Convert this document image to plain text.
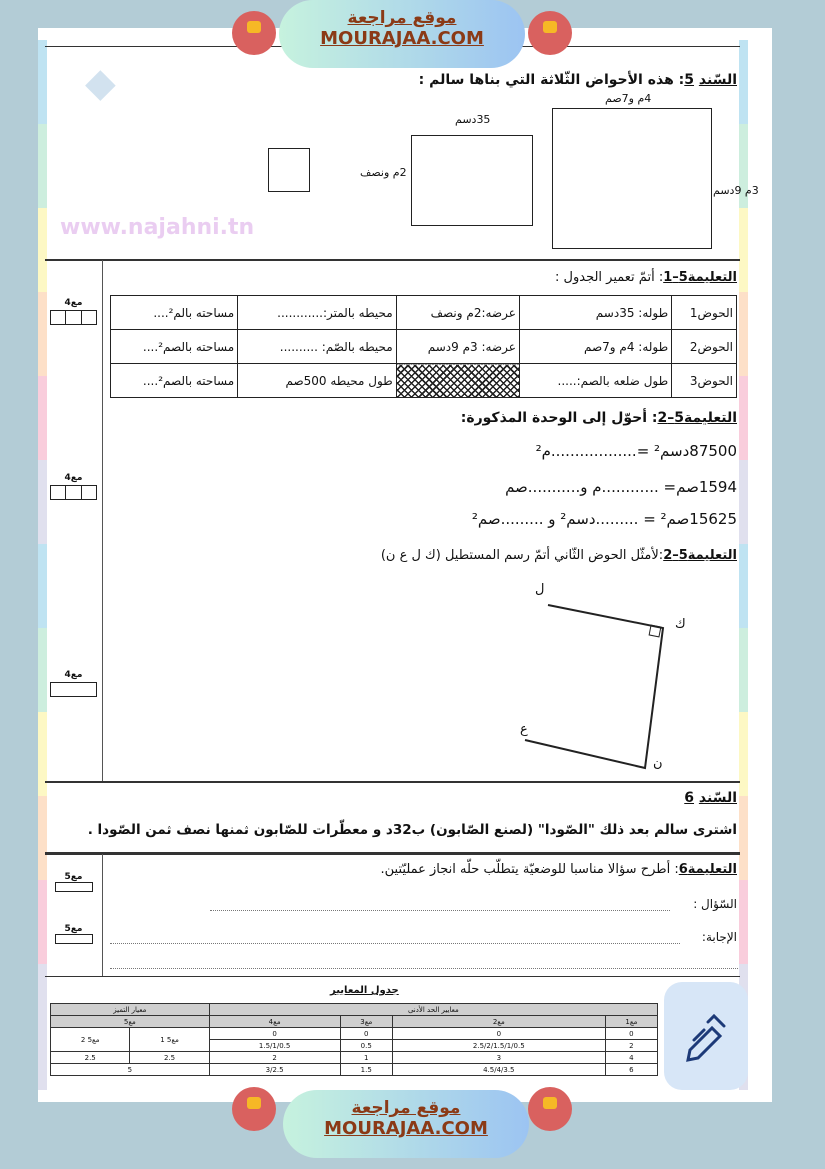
◆
www.najahni.tn
السّند 5: هذه الأحواض الثّلاثة التي بناها سالم :
35دسم
2م ونصف
4م و7صم
3م 9دسم
التعليمة5–1: أتمّ تعمير الجدول :
الحوض1	طوله: 35دسم	عرضه:2م ونصف	محيطه بالمتر:............	مساحته بالم²....
الحوض2	طوله: 4م و7صم	عرضه: 3م 9دسم	محيطه بالصّم: ..........	مساحته بالصم²....
الحوض3	طول ضلعه بالصم:.....		طول محيطه 500صم	مساحته بالصم²....
مع4
مع4
مع4
التعليمة5–2: أحوّل إلى الوحدة المذكورة:
87500دسم² =..................م²
1594صم= ............م و...........صم
15625صم² = .........دسم² و .........صم²
التعليمة5–2:لأمثّل الحوض الثّاني أتمّ رسم المستطيل (ك ل ع ن)
ل
ك
ع
ن
السّند 6
اشترى سالم بعد ذلك "الصّودا" (لصنع الصّابون) ب32د و معطّرات للصّابون ثمنها نصف ثمن الصّودا .
التعليمة6: أطرح سؤالا مناسبا للوضعيّة يتطلّب حلّه انجاز عمليّتين.
السّؤال :
الإجابة:
مع5
مع5
جدول المعايير
معايير الحد الأدنى				معيار التميز	
مع1	مع2	مع3	مع4	مع5	
0	0	0	0	مع5 1	مع5 2
2	2.5/2/1.5/1/0.5	0.5	1.5/1/0.5		
4	3	1	2	2.5	2.5
6	4.5/4/3.5	1.5	3/2.5	5	
موقع مراجعة
MOURAJAA.COM
موقع مراجعة
MOURAJAA.COM
